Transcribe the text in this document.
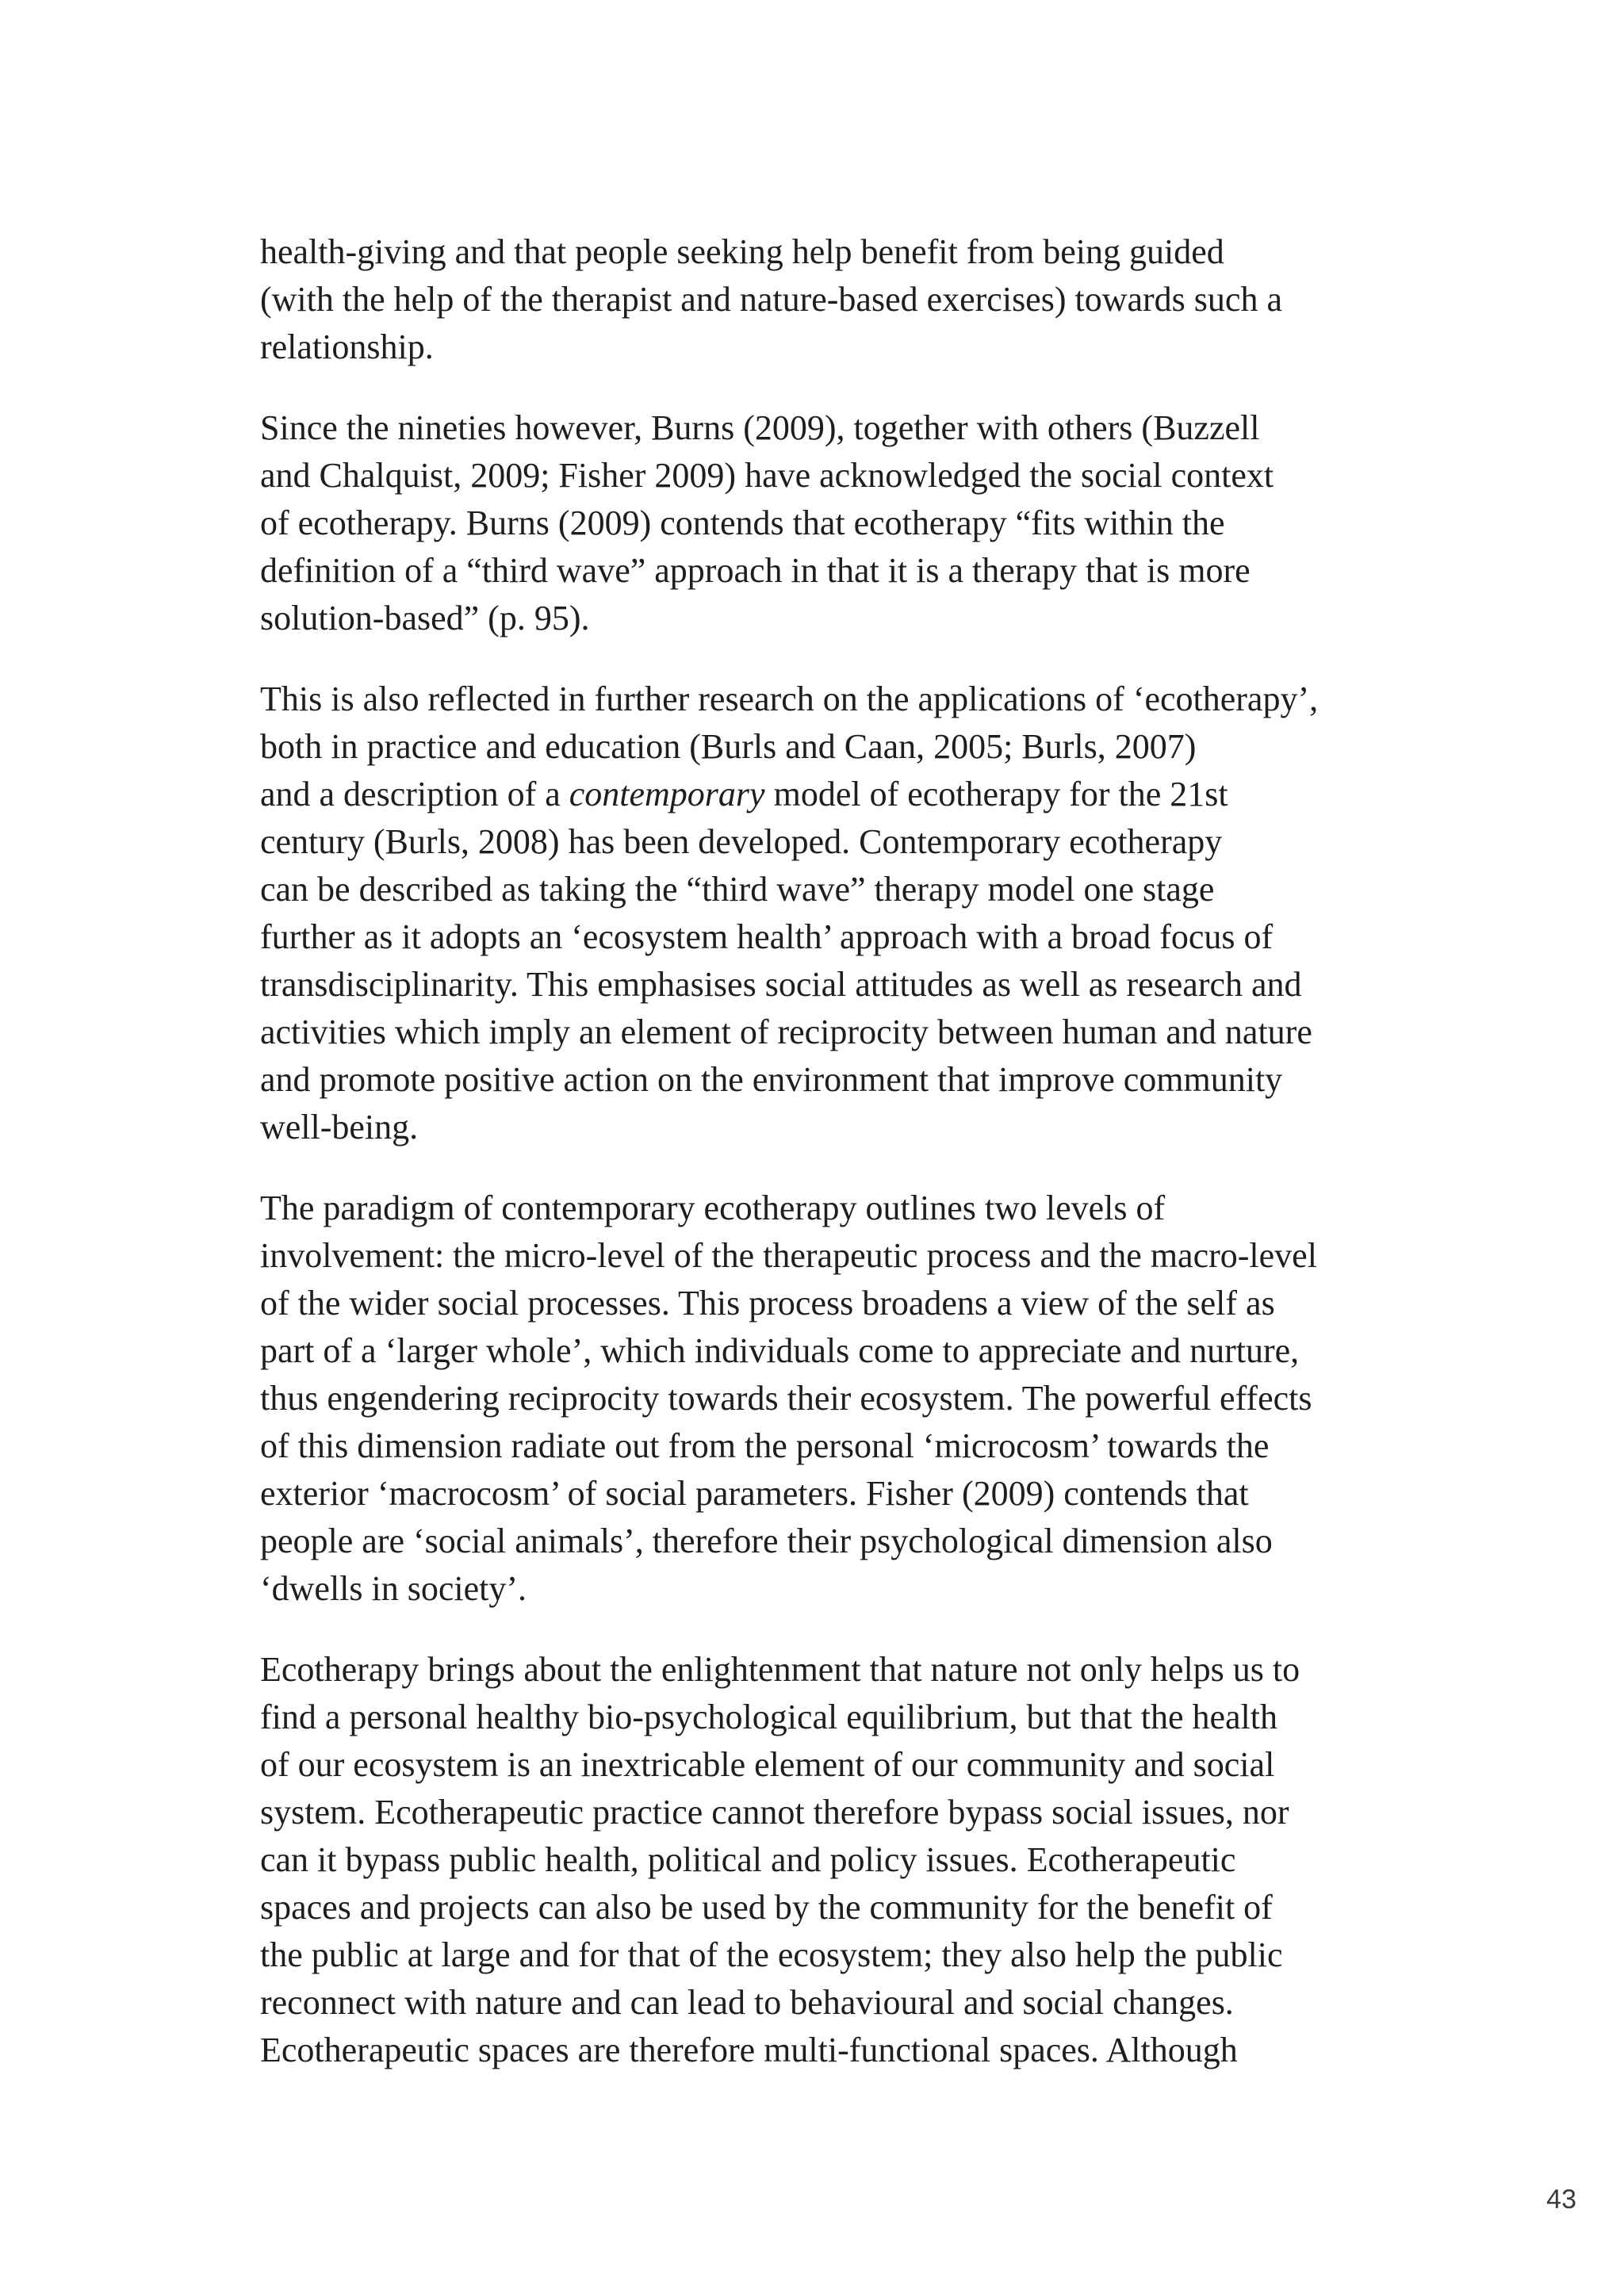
health-giving and that people seeking help benefit from being guided
(with the help of the therapist and nature-based exercises) towards such a
relationship.

Since the nineties however, Burns (2009), together with others (Buzzell
and Chalquist, 2009; Fisher 2009) have acknowledged the social context
of ecotherapy. Burns (2009) contends that ecotherapy “fits within the
definition of a “third wave” approach in that it is a therapy that is more
solution-based” (p. 95).

This is also reflected in further research on the applications of ‘ecotherapy’,
both in practice and education (Burls and Caan, 2005; Burls, 2007)
and a description of a contemporary model of ecotherapy for the 21st
century (Burls, 2008) has been developed. Contemporary ecotherapy
can be described as taking the “third wave” therapy model one stage
further as it adopts an ‘ecosystem health’ approach with a broad focus of
transdisciplinarity. This emphasises social attitudes as well as research and
activities which imply an element of reciprocity between human and nature
and promote positive action on the environment that improve community
well-being.

The paradigm of contemporary ecotherapy outlines two levels of
involvement: the micro-level of the therapeutic process and the macro-level
of the wider social processes. This process broadens a view of the self as
part of a ‘larger whole’, which individuals come to appreciate and nurture,
thus engendering reciprocity towards their ecosystem. The powerful effects
of this dimension radiate out from the personal ‘microcosm’ towards the
exterior ‘macrocosm’ of social parameters. Fisher (2009) contends that
people are ‘social animals’, therefore their psychological dimension also
‘dwells in society’.

Ecotherapy brings about the enlightenment that nature not only helps us to
find a personal healthy bio-psychological equilibrium, but that the health
of our ecosystem is an inextricable element of our community and social
system. Ecotherapeutic practice cannot therefore bypass social issues, nor
can it bypass public health, political and policy issues. Ecotherapeutic
spaces and projects can also be used by the community for the benefit of
the public at large and for that of the ecosystem; they also help the public
reconnect with nature and can lead to behavioural and social changes.
Ecotherapeutic spaces are therefore multi-functional spaces. Although

43
